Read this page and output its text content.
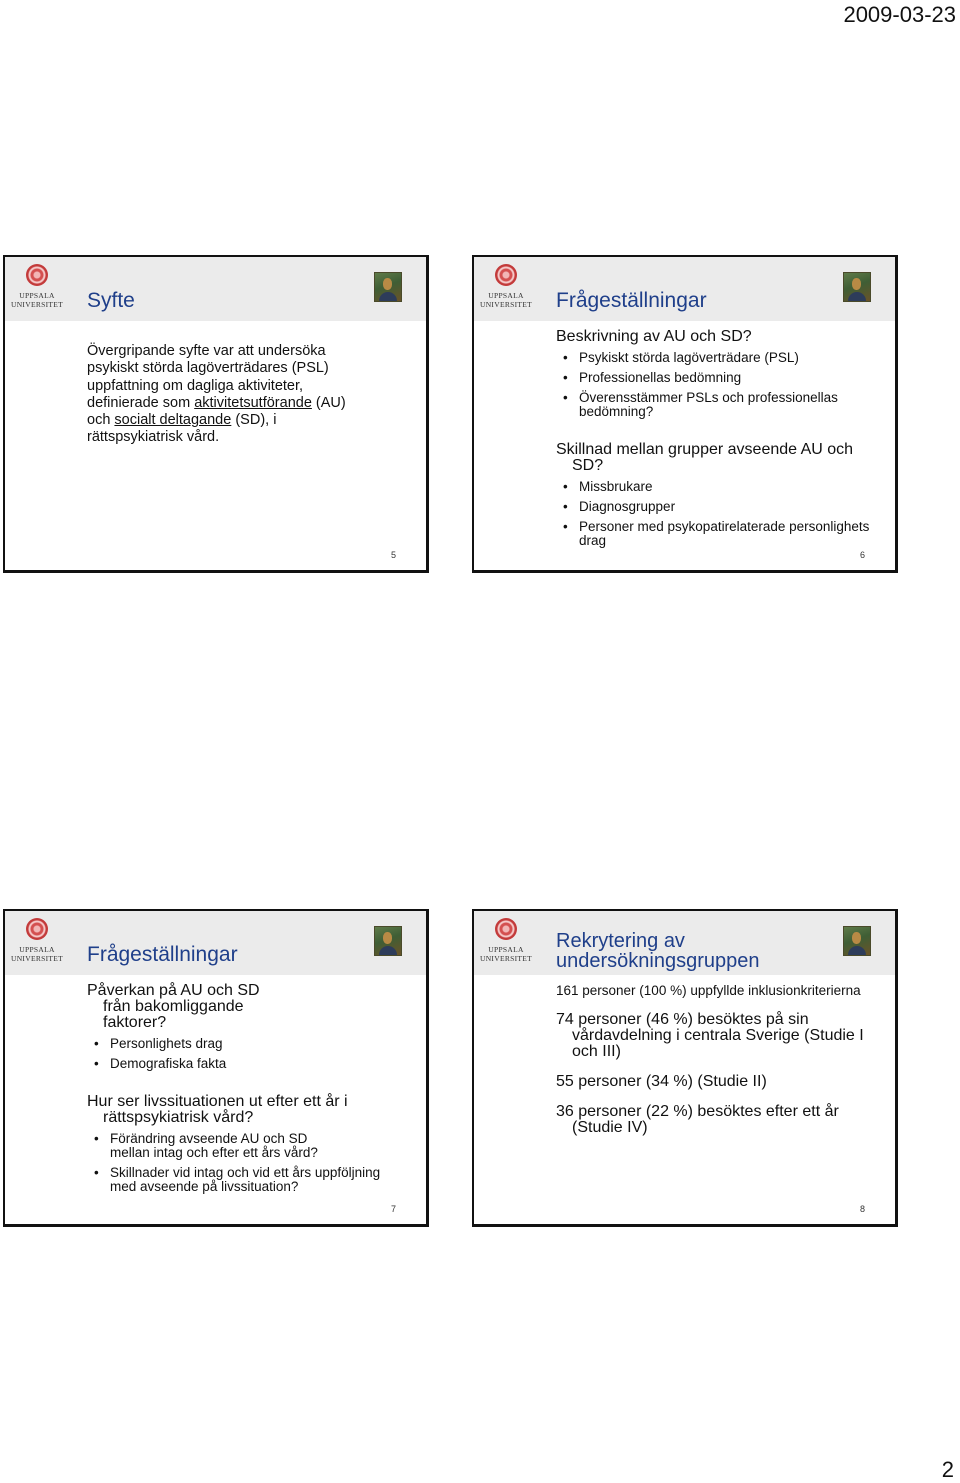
2009-03-23
UPPSALA
UNIVERSITET Syfte

Övergripande syfte var att undersöka psykiskt störda lagöverträdares (PSL) uppfattning om dagliga aktiviteter, definierade som aktivitetsutförande (AU) och socialt deltagande (SD), i rättspsykiatrisk vård.

5
UPPSALA
UNIVERSITET Frågeställningar

Beskrivning av AU och SD?

• Psykiskt störda lagöverträdare (PSL)

• Professionellas bedömning

• Överensstämmer PSLs och professionellas bedömning?

Skillnad mellan grupper avseende AU och SD?

• Missbrukare

• Diagnosgrupper

• Personer med psykopatirelaterade personlighets drag

6
UPPSALA
UNIVERSITET Frågeställningar

Påverkan på AU och SD från bakomliggande faktorer?

• Personlighets drag

• Demografiska fakta

Hur ser livssituationen ut efter ett år i rättspsykiatrisk vård?

• Förändring avseende AU och SD mellan intag och efter ett års vård?

• Skillnader vid intag och vid ett års uppföljning med avseende på livssituation?

7
UPPSALA
UNIVERSITET
Rekrytering av
undersökningsgruppen

161 personer (100 %) uppfyllde inklusionkriterierna

74 personer (46 %) besöktes på sin vårdavdelning i centrala Sverige (Studie I och III)

55 personer (34 %) (Studie II)

36 personer (22 %) besöktes efter ett år (Studie IV)

8
2
